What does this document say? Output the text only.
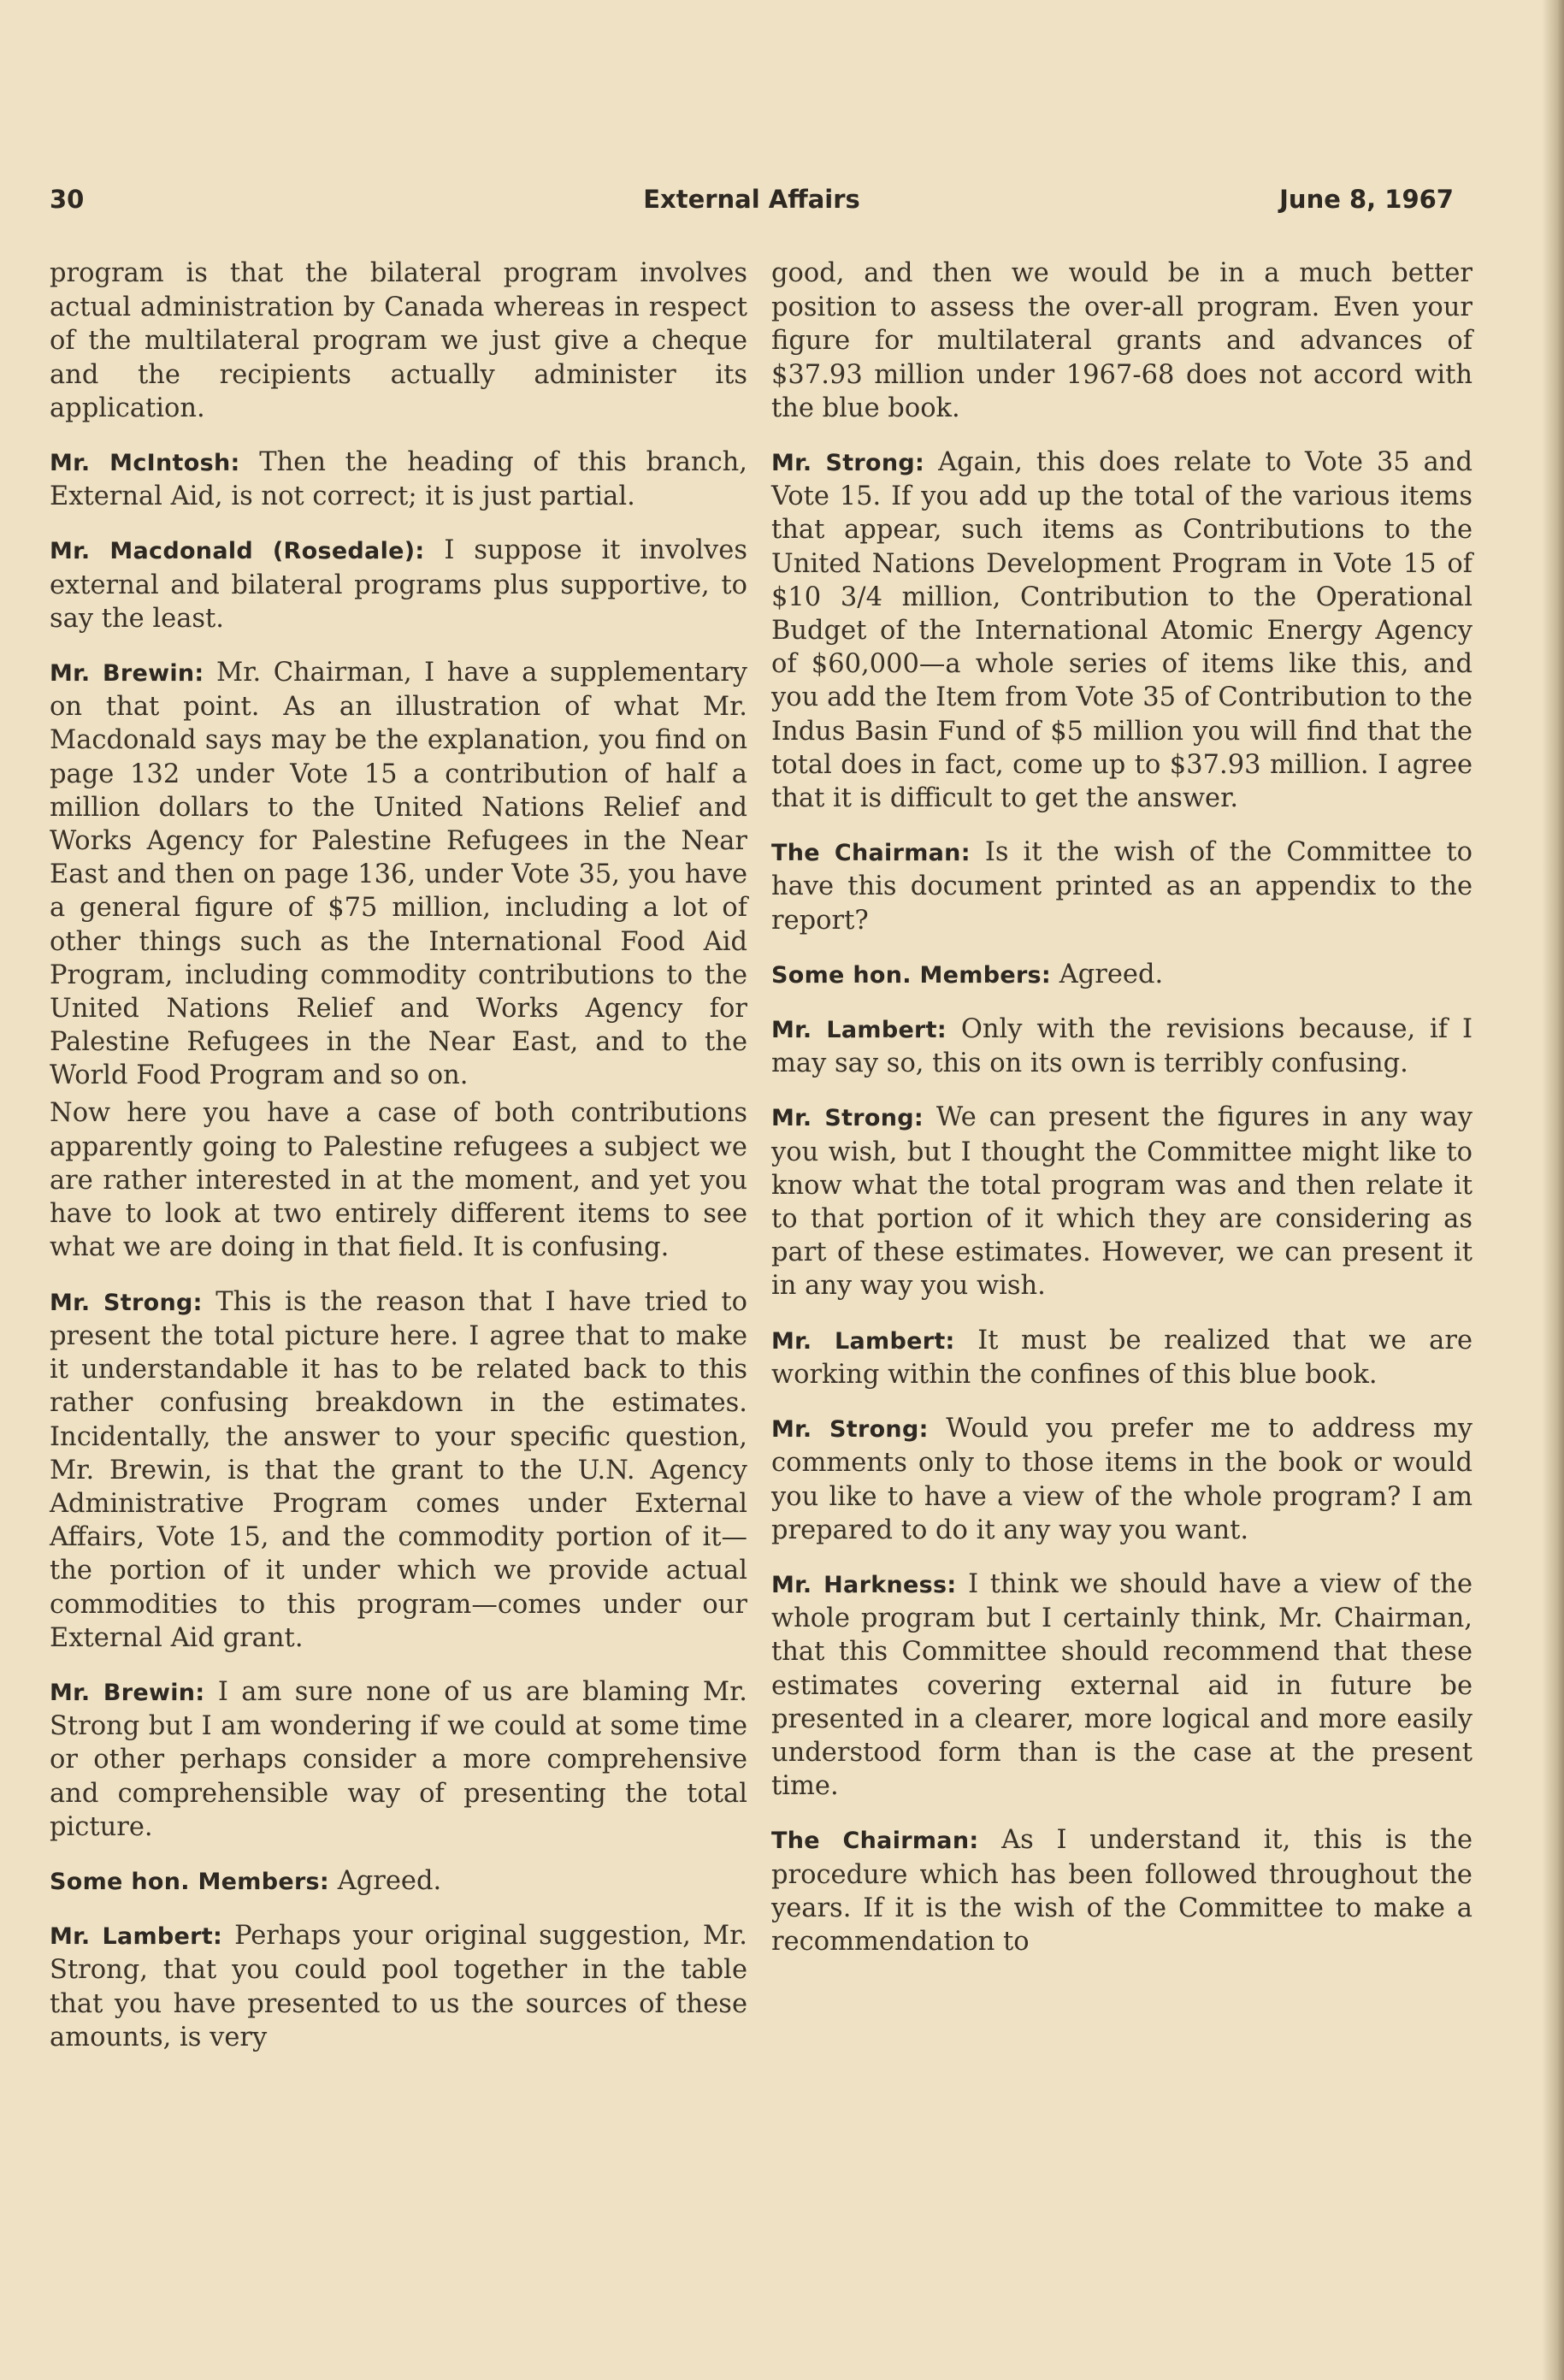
30	External Affairs	June 8, 1967

program is that the bilateral program involves actual administration by Canada whereas in respect of the multilateral program we just give a cheque and the recipients actually administer its application.

Mr. McIntosh: Then the heading of this branch, External Aid, is not correct; it is just partial.

Mr. Macdonald (Rosedale): I suppose it involves external and bilateral programs plus supportive, to say the least.

Mr. Brewin: Mr. Chairman, I have a supplementary on that point. As an illustration of what Mr. Macdonald says may be the explanation, you find on page 132 under Vote 15 a contribution of half a million dollars to the United Nations Relief and Works Agency for Palestine Refugees in the Near East and then on page 136, under Vote 35, you have a general figure of $75 million, including a lot of other things such as the International Food Aid Program, including commodity contributions to the United Nations Relief and Works Agency for Palestine Refugees in the Near East, and to the World Food Program and so on.

Now here you have a case of both contributions apparently going to Palestine refugees a subject we are rather interested in at the moment, and yet you have to look at two entirely different items to see what we are doing in that field. It is confusing.

Mr. Strong: This is the reason that I have tried to present the total picture here. I agree that to make it understandable it has to be related back to this rather confusing breakdown in the estimates. Incidentally, the answer to your specific question, Mr. Brewin, is that the grant to the U.N. Agency Administrative Program comes under External Affairs, Vote 15, and the commodity portion of it—the portion of it under which we provide actual commodities to this program—comes under our External Aid grant.

Mr. Brewin: I am sure none of us are blaming Mr. Strong but I am wondering if we could at some time or other perhaps consider a more comprehensive and comprehensible way of presenting the total picture.

Some hon. Members: Agreed.

Mr. Lambert: Perhaps your original suggestion, Mr. Strong, that you could pool together in the table that you have presented to us the sources of these amounts, is very

good, and then we would be in a much better position to assess the over-all program. Even your figure for multilateral grants and advances of $37.93 million under 1967-68 does not accord with the blue book.

Mr. Strong: Again, this does relate to Vote 35 and Vote 15. If you add up the total of the various items that appear, such items as Contributions to the United Nations Development Program in Vote 15 of $10 3/4 million, Contribution to the Operational Budget of the International Atomic Energy Agency of $60,000—a whole series of items like this, and you add the Item from Vote 35 of Contribution to the Indus Basin Fund of $5 million you will find that the total does in fact, come up to $37.93 million. I agree that it is difficult to get the answer.

The Chairman: Is it the wish of the Committee to have this document printed as an appendix to the report?

Some hon. Members: Agreed.

Mr. Lambert: Only with the revisions because, if I may say so, this on its own is terribly confusing.

Mr. Strong: We can present the figures in any way you wish, but I thought the Committee might like to know what the total program was and then relate it to that portion of it which they are considering as part of these estimates. However, we can present it in any way you wish.

Mr. Lambert: It must be realized that we are working within the confines of this blue book.

Mr. Strong: Would you prefer me to address my comments only to those items in the book or would you like to have a view of the whole program? I am prepared to do it any way you want.

Mr. Harkness: I think we should have a view of the whole program but I certainly think, Mr. Chairman, that this Committee should recommend that these estimates covering external aid in future be presented in a clearer, more logical and more easily understood form than is the case at the present time.

The Chairman: As I understand it, this is the procedure which has been followed throughout the years. If it is the wish of the Committee to make a recommendation to
